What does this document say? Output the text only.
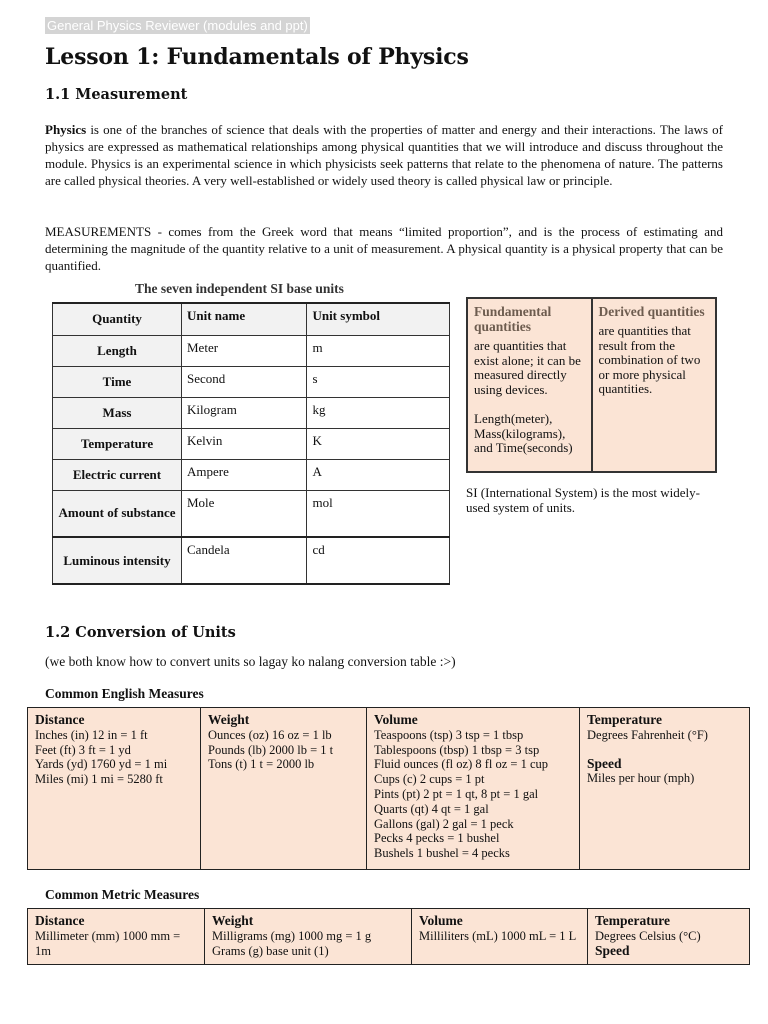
General Physics Reviewer (modules and ppt)
Lesson 1: Fundamentals of Physics
1.1 Measurement
Physics is one of the branches of science that deals with the properties of matter and energy and their interactions. The laws of physics are expressed as mathematical relationships among physical quantities that we will introduce and discuss throughout the module. Physics is an experimental science in which physicists seek patterns that relate to the phenomena of nature. The patterns are called physical theories. A very well-established or widely used theory is called physical law or principle.
MEASUREMENTS - comes from the Greek word that means “limited proportion”, and is the process of estimating and determining the magnitude of the quantity relative to a unit of measurement. A physical quantity is a physical property that can be quantified.
The seven independent SI base units
Quantity	Unit name	Unit symbol
Length	Meter	m
Time	Second	s
Mass	Kilogram	kg
Temperature	Kelvin	K
Electric current	Ampere	A
Amount of substance	Mole	mol
Luminous intensity	Candela	cd
Fundamental quantities
are quantities that exist alone; it can be measured directly using devices.
Length(meter), Mass(kilograms), and Time(seconds)

Derived quantities
are quantities that result from the combination of two or more physical quantities.
SI (International System) is the most widely-used system of units.
1.2 Conversion of Units
(we both know how to convert units so lagay ko nalang conversion table :>)
Common English Measures
Distance
Inches (in) 12 in = 1 ft
Feet (ft) 3 ft = 1 yd
Yards (yd) 1760 yd = 1 mi
Miles (mi) 1 mi = 5280 ft

Weight
Ounces (oz) 16 oz = 1 lb
Pounds (lb) 2000 lb = 1 t
Tons (t) 1 t = 2000 lb

Volume
Teaspoons (tsp) 3 tsp = 1 tbsp
Tablespoons (tbsp) 1 tbsp = 3 tsp
Fluid ounces (fl oz) 8 fl oz = 1 cup
Cups (c) 2 cups = 1 pt
Pints (pt) 2 pt = 1 qt, 8 pt = 1 gal
Quarts (qt) 4 qt = 1 gal
Gallons (gal) 2 gal = 1 peck
Pecks 4 pecks = 1 bushel
Bushels 1 bushel = 4 pecks

Temperature
Degrees Fahrenheit (°F)
Speed
Miles per hour (mph)
Common Metric Measures
Distance
Millimeter (mm) 1000 mm = 1m

Weight
Milligrams (mg) 1000 mg = 1 g
Grams (g) base unit (1)

Volume
Milliliters (mL) 1000 mL = 1 L

Temperature
Degrees Celsius (°C)
Speed
